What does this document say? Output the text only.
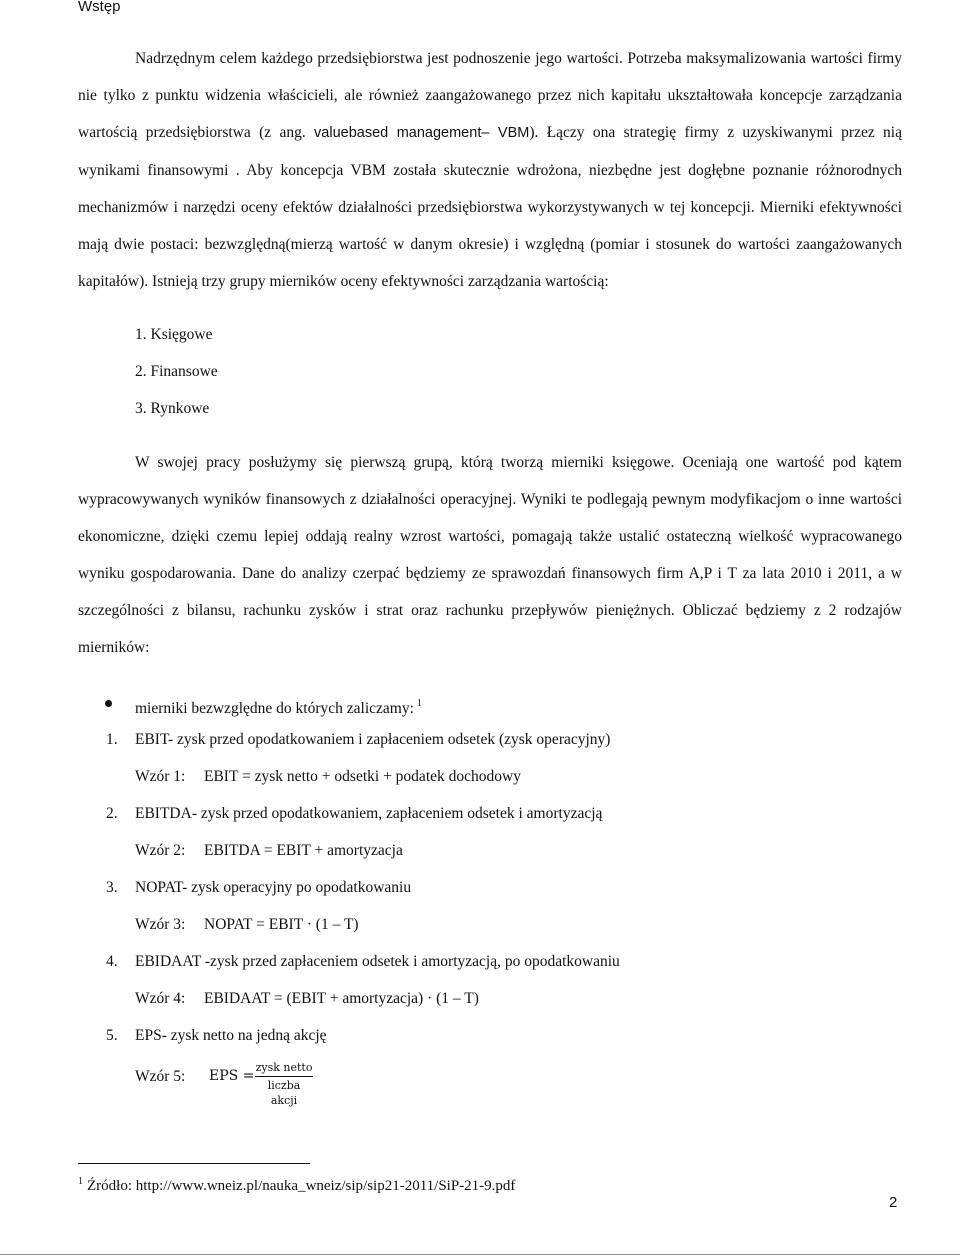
Wstęp

Nadrzędnym celem każdego przedsiębiorstwa jest podnoszenie jego wartości. Potrzeba maksymalizowania wartości firmy nie tylko z punktu widzenia właścicieli, ale również zaangażowanego przez nich kapitału ukształtowała koncepcje zarządzania wartością przedsiębiorstwa (z ang. valuebased management– VBM). Łączy ona strategię firmy z uzyskiwanymi przez nią wynikami finansowymi . Aby koncepcja VBM została skutecznie wdrożona, niezbędne jest dogłębne poznanie różnorodnych mechanizmów i narzędzi oceny efektów działalności przedsiębiorstwa wykorzystywanych w tej koncepcji. Mierniki efektywności mają dwie postaci: bezwzględną(mierzą wartość w danym okresie) i względną (pomiar i stosunek do wartości zaangażowanych kapitałów). Istnieją trzy grupy mierników oceny efektywności zarządzania wartością:

1. Księgowe
2. Finansowe
3. Rynkowe

W swojej pracy posłużymy się pierwszą grupą, którą tworzą mierniki księgowe. Oceniają one wartość pod kątem wypracowywanych wyników finansowych z działalności operacyjnej. Wyniki te podlegają pewnym modyfikacjom o inne wartości ekonomiczne, dzięki czemu lepiej oddają realny wzrost wartości, pomagają także ustalić ostateczną wielkość wypracowanego wyniku gospodarowania. Dane do analizy czerpać będziemy ze sprawozdań finansowych firm A,P i T za lata 2010 i 2011, a w szczególności z bilansu, rachunku zysków i strat oraz rachunku przepływów pieniężnych. Obliczać będziemy z 2 rodzajów mierników:

mierniki bezwzględne do których zaliczamy: $^1$
1. EBIT- zysk przed opodatkowaniem i zapłaceniem odsetek (zysk operacyjny)
Wzór 1: EBIT = zysk netto + odsetki + podatek dochodowy
2. EBITDA- zysk przed opodatkowaniem, zapłaceniem odsetek i amortyzacją
Wzór 2: EBITDA = EBIT + amortyzacja
3. NOPAT- zysk operacyjny po opodatkowaniu
Wzór 3: NOPAT = EBIT · (1 – T)
4. EBIDAAT -zysk przed zapłaceniem odsetek i amortyzacją, po opodatkowaniu
Wzór 4: EBIDAAT = (EBIT + amortyzacja) · (1 – T)
5. EPS- zysk netto na jedną akcję
Wzór 5: EPS =
zysk netto
liczba akcji
$^1$ Źródło: http://www.wneiz.pl/nauka_wneiz/sip/sip21-2011/SiP-21-9.pdf
2
